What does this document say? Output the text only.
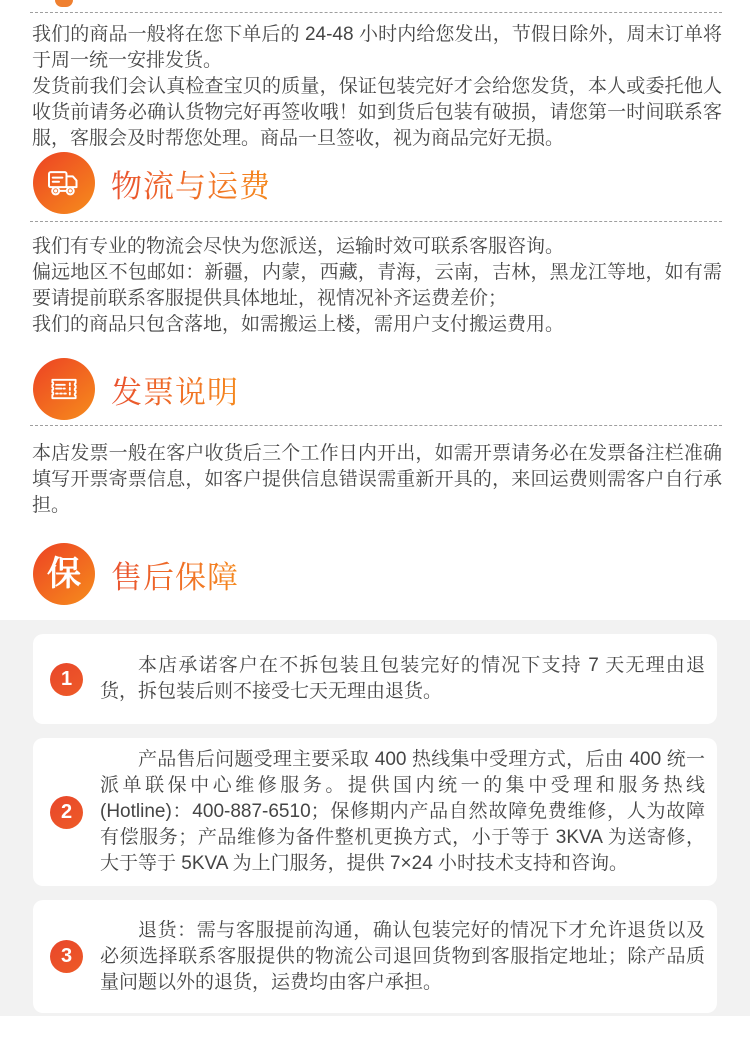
我们的商品一般将在您下单后的 24-48 小时内给您发出，节假日除外，周末订单将于周一统一安排发货。

发货前我们会认真检查宝贝的质量，保证包装完好才会给您发货，本人或委托他人收货前请务必确认货物完好再签收哦！如到货后包装有破损，请您第一时间联系客服，客服会及时帮您处理。商品一旦签收，视为商品完好无损。

物流与运费

我们有专业的物流会尽快为您派送，运输时效可联系客服咨询。

偏远地区不包邮如：新疆，内蒙，西藏，青海，云南，吉林，黑龙江等地，如有需要请提前联系客服提供具体地址，视情况补齐运费差价；

我们的商品只包含落地，如需搬运上楼，需用户支付搬运费用。

发票说明

本店发票一般在客户收货后三个工作日内开出，如需开票请务必在发票备注栏准确填写开票寄票信息，如客户提供信息错误需重新开具的，来回运费则需客户自行承担。

保 售后保障
1

本店承诺客户在不拆包装且包装完好的情况下支持 7 天无理由退货，拆包装后则不接受七天无理由退货。

2

产品售后问题受理主要采取 400 热线集中受理方式，后由 400 统一派单联保中心维修服务。提供国内统一的集中受理和服务热线 (Hotline)：400-887-6510；保修期内产品自然故障免费维修，人为故障有偿服务；产品维修为备件整机更换方式，小于等于 3KVA 为送寄修，大于等于 5KVA 为上门服务，提供 7×24 小时技术支持和咨询。

3

退货：需与客服提前沟通，确认包装完好的情况下才允许退货以及必须选择联系客服提供的物流公司退回货物到客服指定地址；除产品质量问题以外的退货，运费均由客户承担。
